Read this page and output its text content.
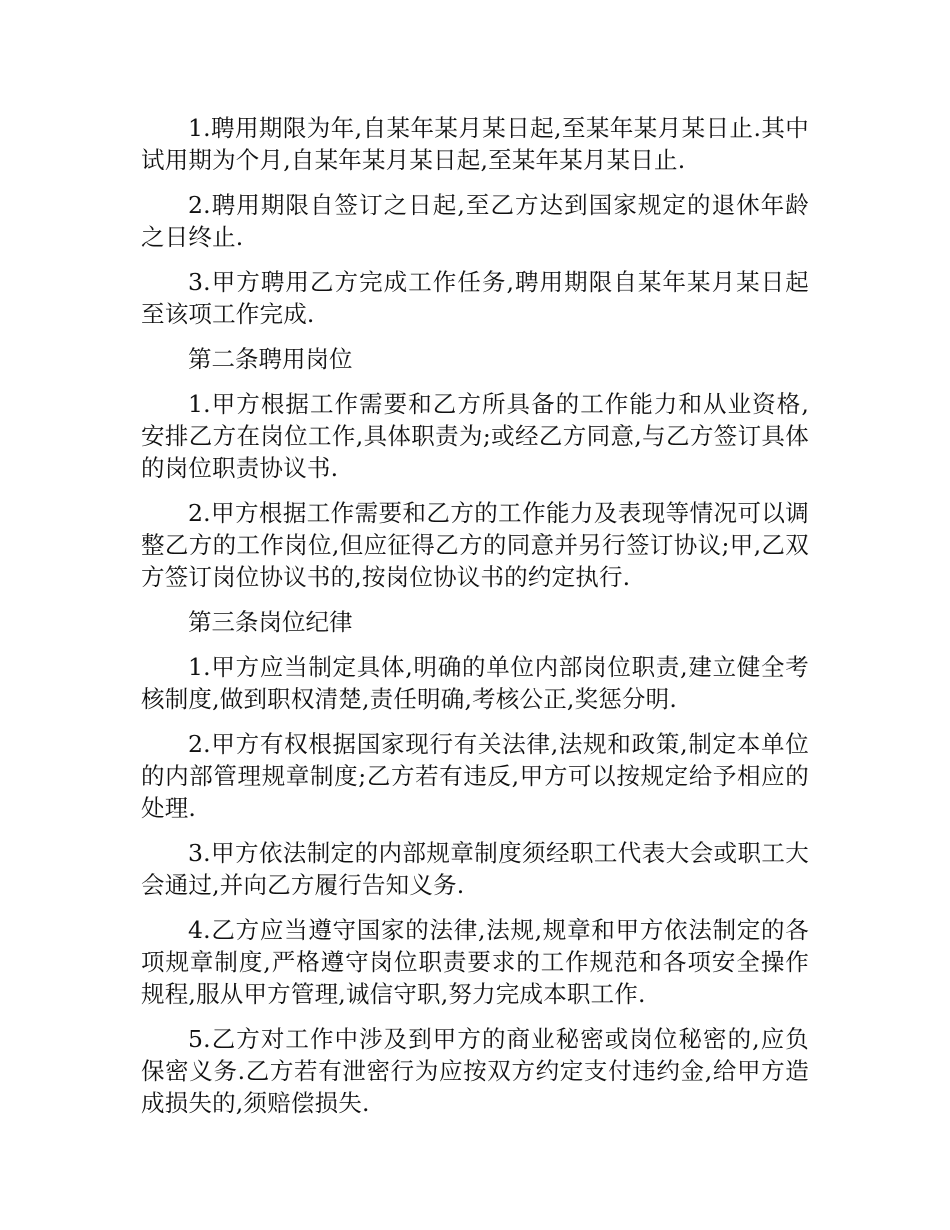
1.聘用期限为年,自某年某月某日起,至某年某月某日止.其中试用期为个月,自某年某月某日起,至某年某月某日止.

2.聘用期限自签订之日起,至乙方达到国家规定的退休年龄之日终止.

3.甲方聘用乙方完成工作任务,聘用期限自某年某月某日起至该项工作完成.

第二条聘用岗位

1.甲方根据工作需要和乙方所具备的工作能力和从业资格,安排乙方在岗位工作,具体职责为;或经乙方同意,与乙方签订具体的岗位职责协议书.

2.甲方根据工作需要和乙方的工作能力及表现等情况可以调整乙方的工作岗位,但应征得乙方的同意并另行签订协议;甲,乙双方签订岗位协议书的,按岗位协议书的约定执行.

第三条岗位纪律

1.甲方应当制定具体,明确的单位内部岗位职责,建立健全考核制度,做到职权清楚,责任明确,考核公正,奖惩分明.

2.甲方有权根据国家现行有关法律,法规和政策,制定本单位的内部管理规章制度;乙方若有违反,甲方可以按规定给予相应的处理.

3.甲方依法制定的内部规章制度须经职工代表大会或职工大会通过,并向乙方履行告知义务.

4.乙方应当遵守国家的法律,法规,规章和甲方依法制定的各项规章制度,严格遵守岗位职责要求的工作规范和各项安全操作规程,服从甲方管理,诚信守职,努力完成本职工作.

5.乙方对工作中涉及到甲方的商业秘密或岗位秘密的,应负保密义务.乙方若有泄密行为应按双方约定支付违约金,给甲方造成损失的,须赔偿损失.
